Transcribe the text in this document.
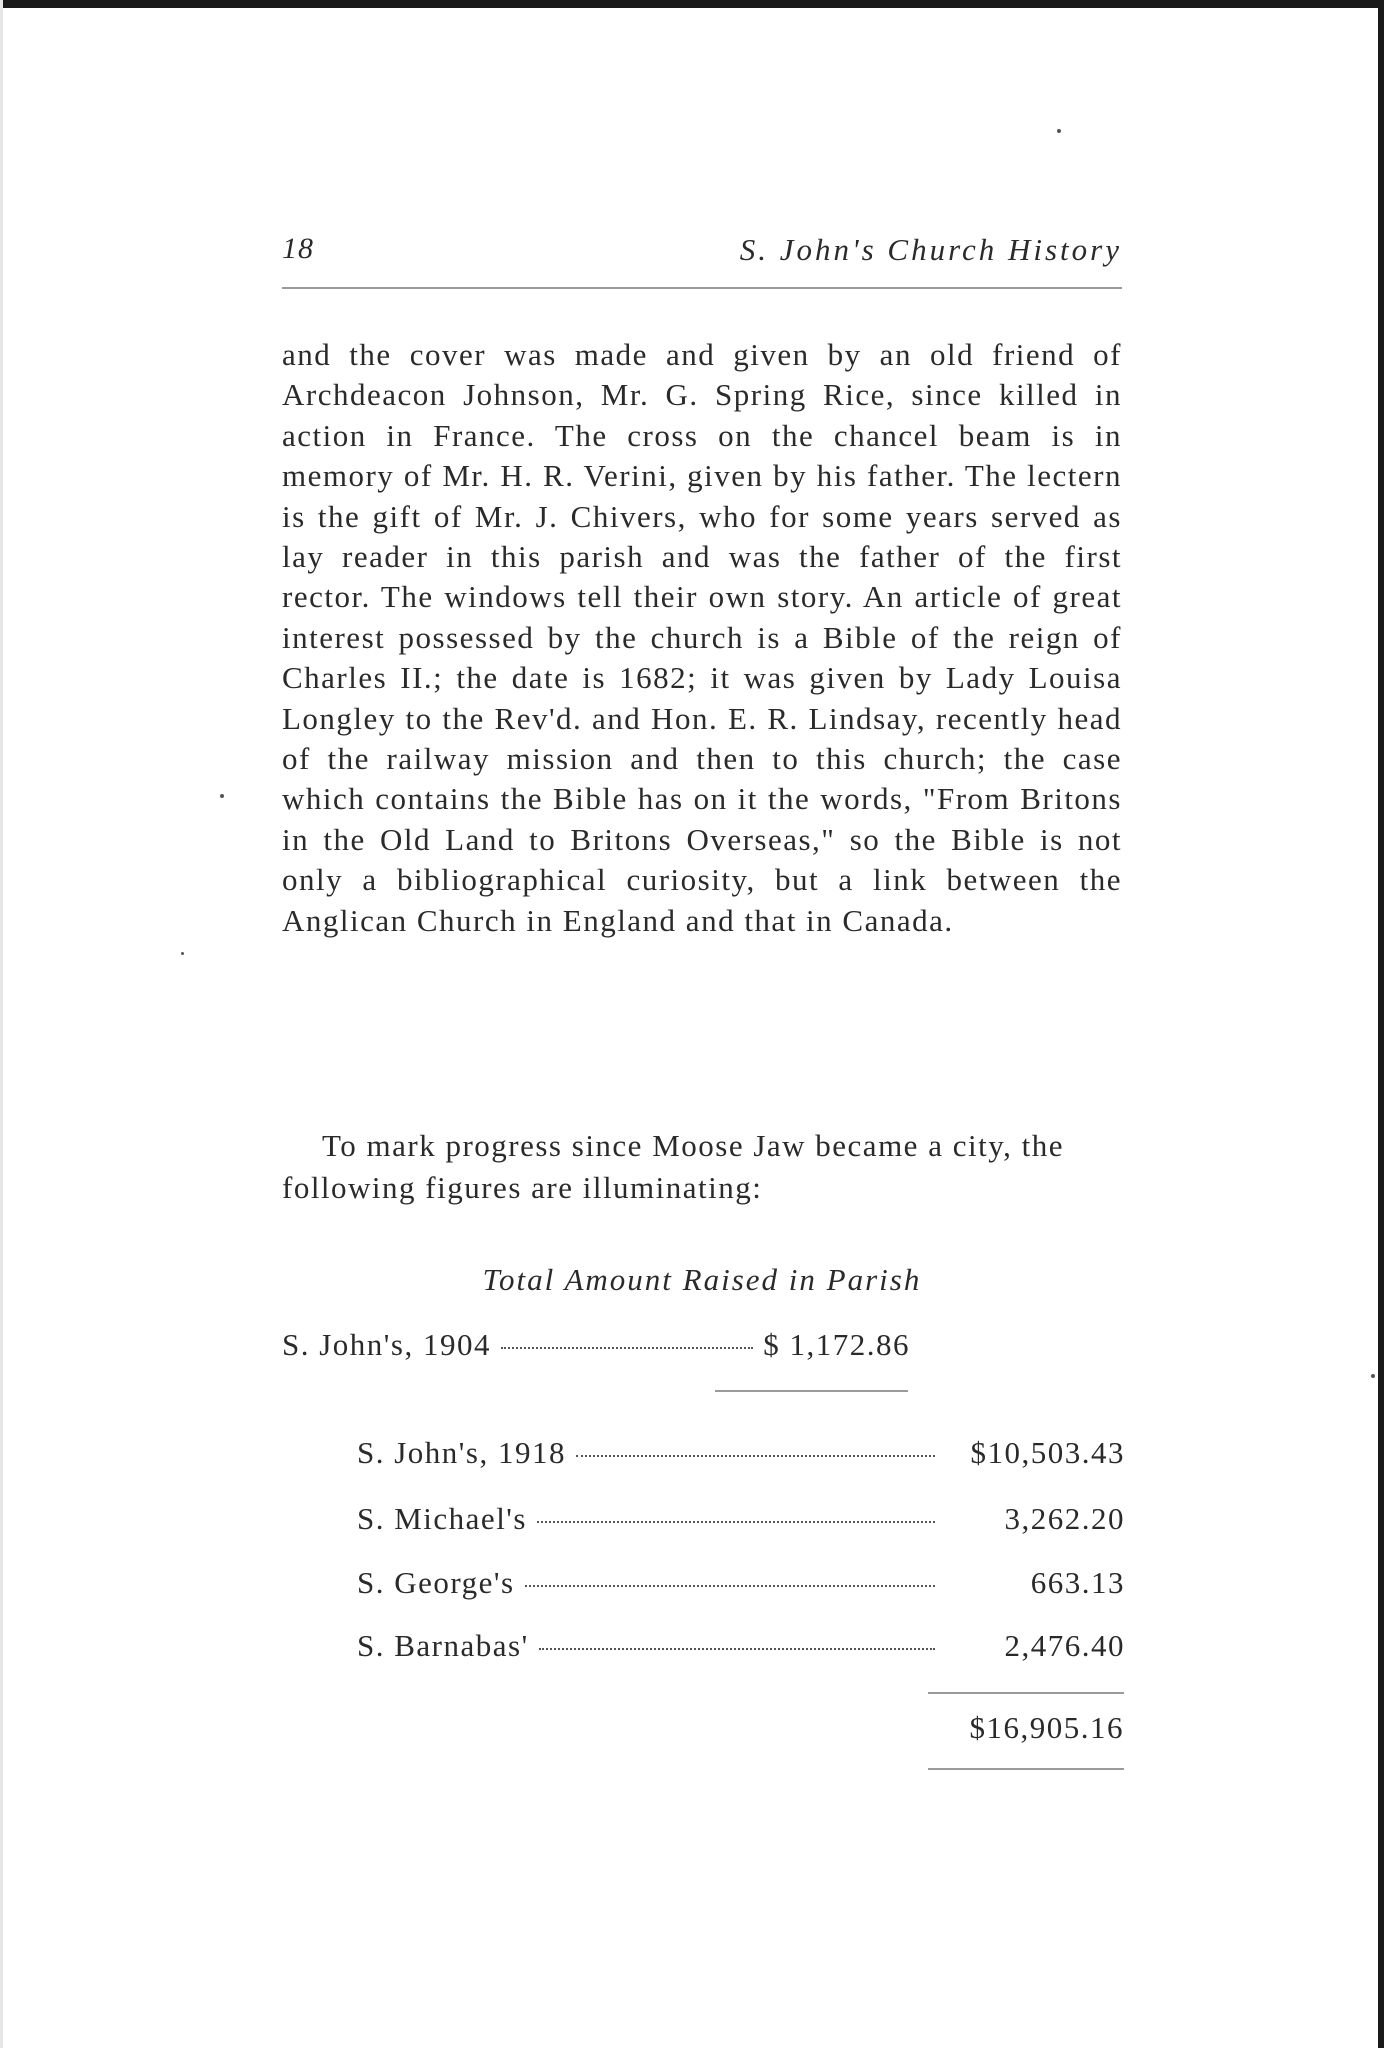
18	S. John's Church History

and the cover was made and given by an old friend of Archdeacon Johnson, Mr. G. Spring Rice, since killed in action in France. The cross on the chancel beam is in memory of Mr. H. R. Verini, given by his father. The lectern is the gift of Mr. J. Chivers, who for some years served as lay reader in this parish and was the father of the first rector. The windows tell their own story. An article of great interest possessed by the church is a Bible of the reign of Charles II.; the date is 1682; it was given by Lady Louisa Longley to the Rev'd. and Hon. E. R. Lindsay, recently head of the railway mission and then to this church; the case which contains the Bible has on it the words, "From Britons in the Old Land to Britons Overseas," so the Bible is not only a bibliographical curiosity, but a link between the Anglican Church in England and that in Canada.

To mark progress since Moose Jaw became a city, the following figures are illuminating:

Total Amount Raised in Parish

S. John's, 1904	$ 1,172.86
S. John's, 1918	$10,503.43
S. Michael's	3,262.20
S. George's	663.13
S. Barnabas'	2,476.40
$16,905.16
